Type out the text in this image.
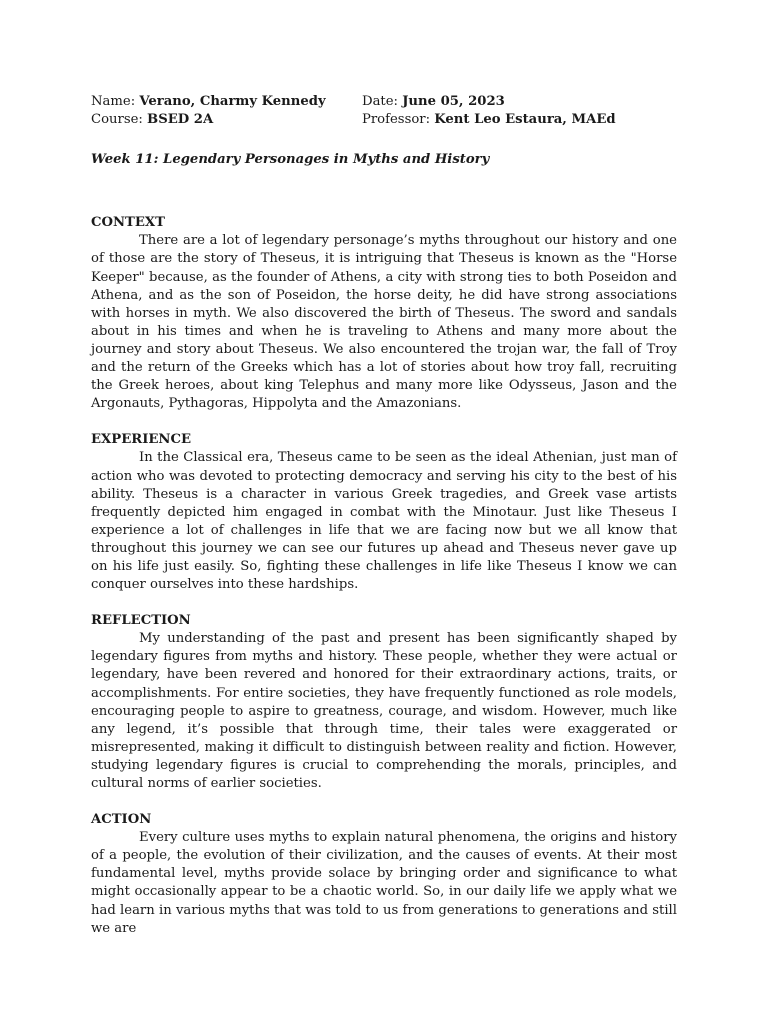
Name: Verano, Charmy Kennedy	Date: June 05, 2023
Course: BSED 2A	Professor: Kent Leo Estaura, MAEd
Week 11: Legendary Personages in Myths and History
CONTEXT

There are a lot of legendary personage’s myths throughout our history and one of those are the story of Theseus, it is intriguing that Theseus is known as the "Horse Keeper" because, as the founder of Athens, a city with strong ties to both Poseidon and Athena, and as the son of Poseidon, the horse deity, he did have strong associations with horses in myth. We also discovered the birth of Theseus. The sword and sandals about in his times and when he is traveling to Athens and many more about the journey and story about Theseus. We also encountered the trojan war, the fall of Troy and the return of the Greeks which has a lot of stories about how troy fall, recruiting the Greek heroes, about king Telephus and many more like Odysseus, Jason and the Argonauts, Pythagoras, Hippolyta and the Amazonians.

EXPERIENCE

In the Classical era, Theseus came to be seen as the ideal Athenian, just man of action who was devoted to protecting democracy and serving his city to the best of his ability. Theseus is a character in various Greek tragedies, and Greek vase artists frequently depicted him engaged in combat with the Minotaur. Just like Theseus I experience a lot of challenges in life that we are facing now but we all know that throughout this journey we can see our futures up ahead and Theseus never gave up on his life just easily. So, fighting these challenges in life like Theseus I know we can conquer ourselves into these hardships.

REFLECTION

My understanding of the past and present has been significantly shaped by legendary figures from myths and history. These people, whether they were actual or legendary, have been revered and honored for their extraordinary actions, traits, or accomplishments. For entire societies, they have frequently functioned as role models, encouraging people to aspire to greatness, courage, and wisdom. However, much like any legend, it’s possible that through time, their tales were exaggerated or misrepresented, making it difficult to distinguish between reality and fiction. However, studying legendary figures is crucial to comprehending the morals, principles, and cultural norms of earlier societies.

ACTION

Every culture uses myths to explain natural phenomena, the origins and history of a people, the evolution of their civilization, and the causes of events. At their most fundamental level, myths provide solace by bringing order and significance to what might occasionally appear to be a chaotic world. So, in our daily life we apply what we had learn in various myths that was told to us from generations to generations and still we are
